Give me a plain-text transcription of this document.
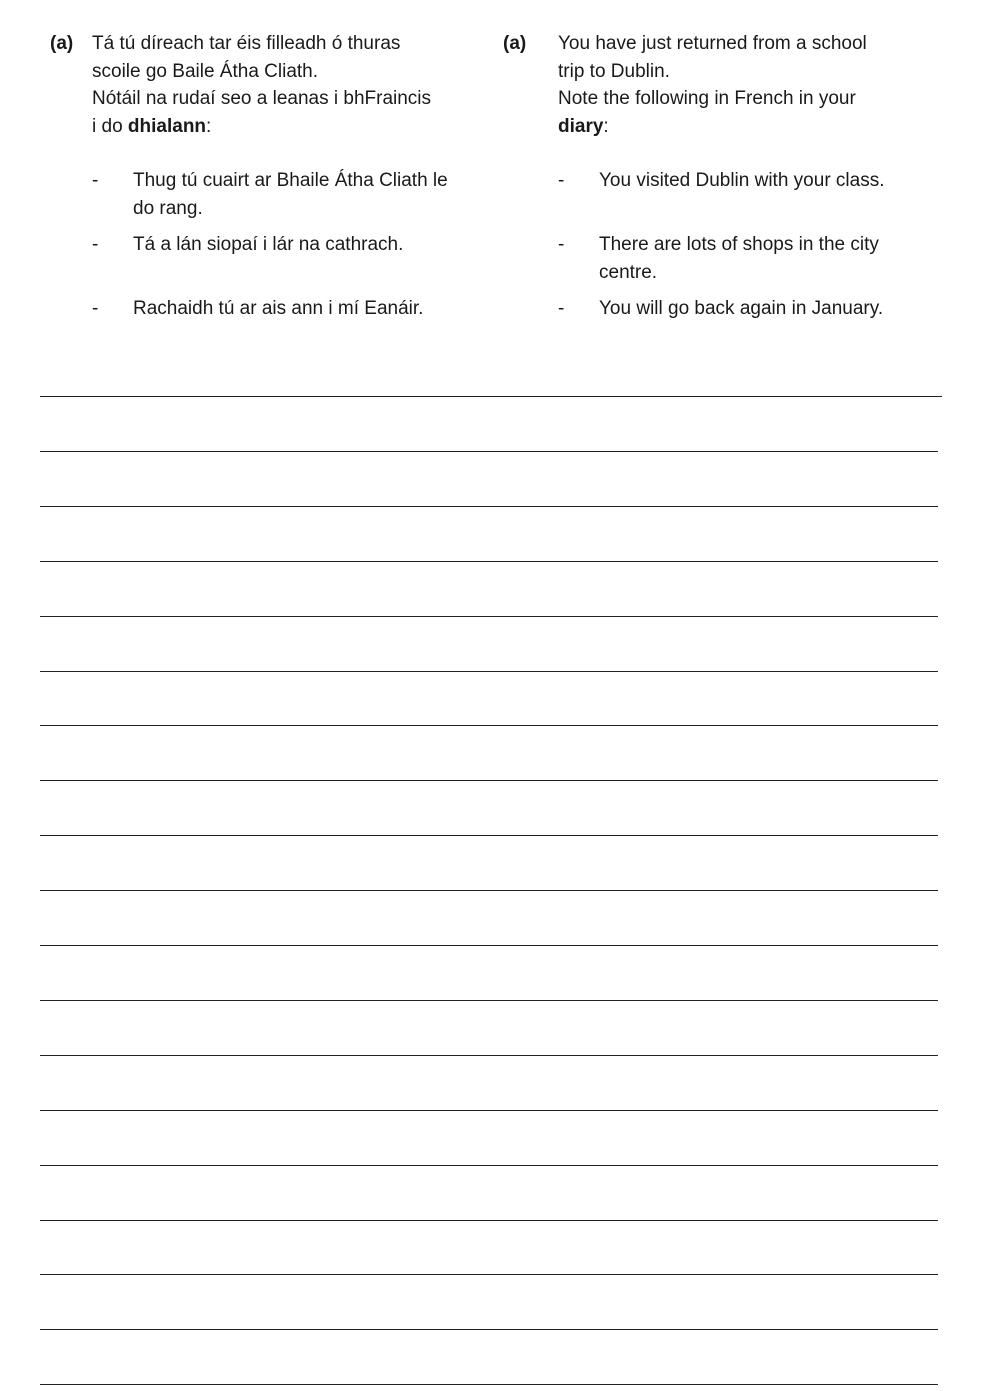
(a) Tá tú díreach tar éis filleadh ó thuras

scoile go Baile Átha Cliath.

Nótáil na rudaí seo a leanas i bhFraincis

i do dhialann:

-	Thug tú cuairt ar Bhaile Átha Cliath le do rang.
-	Tá a lán siopaí i lár na cathrach.
-	Rachaidh tú ar ais ann i mí Eanáir.
(a) You have just returned from a school

trip to Dublin.

Note the following in French in your

diary:

-	You visited Dublin with your class.
-	There are lots of shops in the city centre.
-	You will go back again in January.
